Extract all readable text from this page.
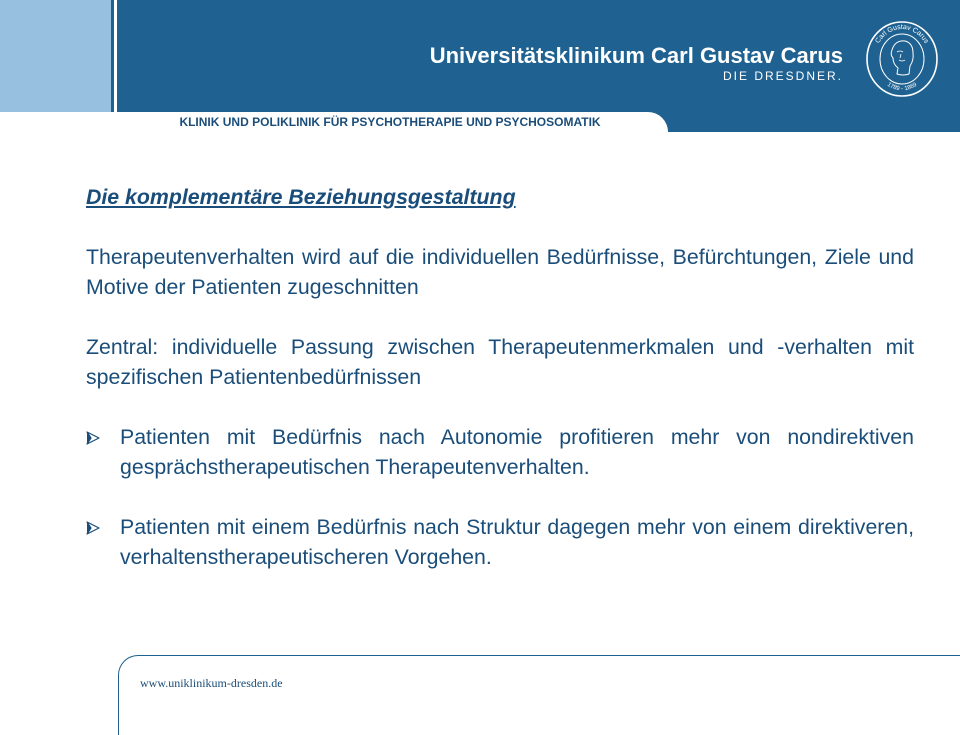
KLINIK UND POLIKLINIK FÜR PSYCHOTHERAPIE UND PSYCHOSOMATIK
Universitätsklinikum Carl Gustav Carus
DIE DRESDNER.
Carl Gustav Carus
1789 - 1869
Die komplementäre Beziehungsgestaltung
Therapeutenverhalten wird auf die individuellen Bedürfnisse, Befürchtungen, Ziele und Motive der Patienten zugeschnitten
Zentral: individuelle Passung zwischen Therapeutenmerkmalen und -verhalten mit spezifischen Patientenbedürfnissen
Patienten mit Bedürfnis nach Autonomie profitieren mehr von nondirektiven gesprächstherapeutischen Therapeutenverhalten.
Patienten mit einem Bedürfnis nach Struktur dagegen mehr von einem direktiveren, verhaltenstherapeutischeren Vorgehen.
www.uniklinikum-dresden.de
